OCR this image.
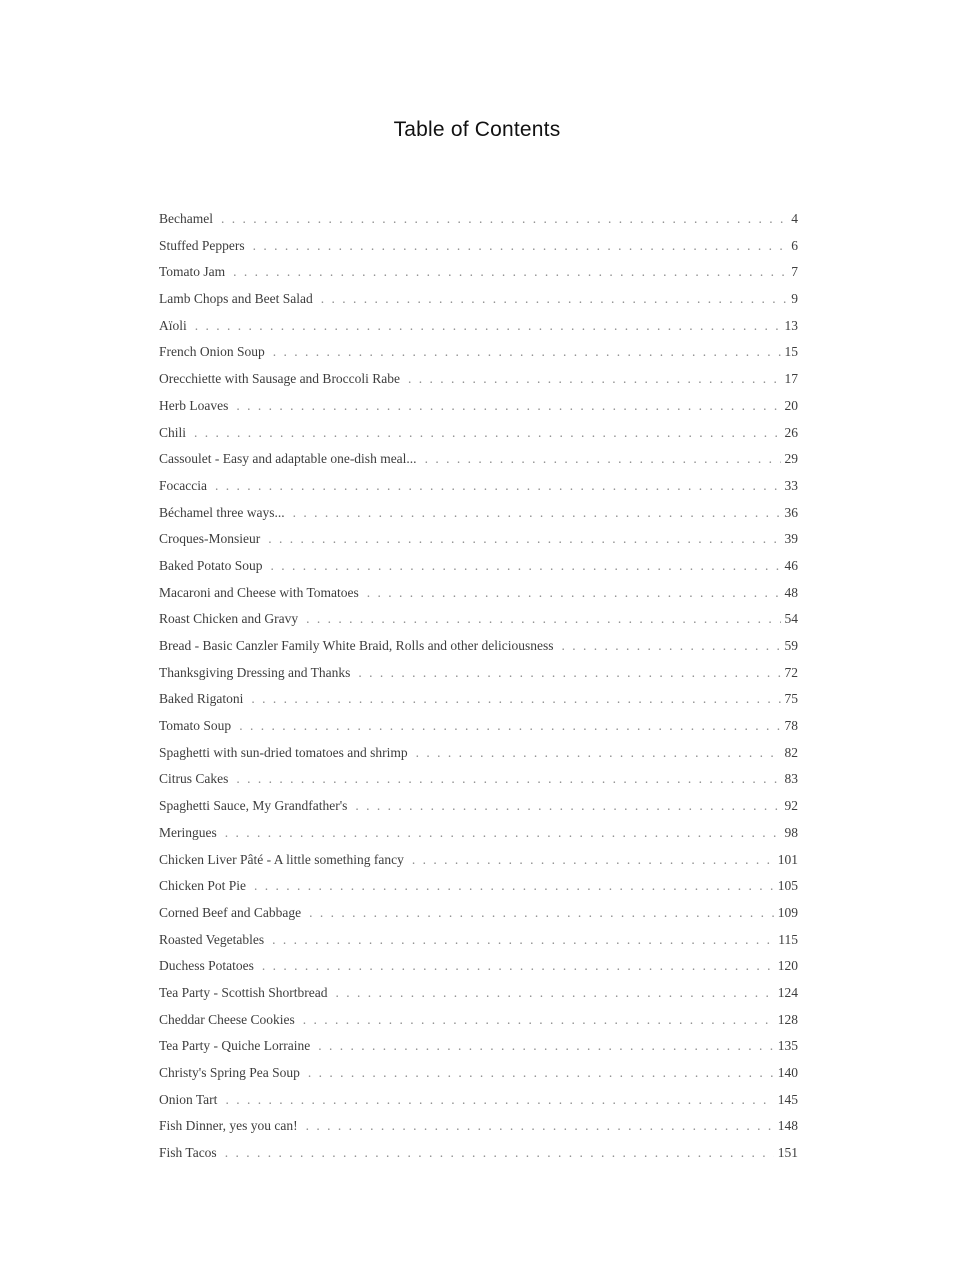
Table of Contents
Bechamel . . .	4
Stuffed Peppers . . .	6
Tomato Jam . . .	7
Lamb Chops and Beet Salad . . .	9
Aïoli . . .	13
French Onion Soup . . .	15
Orecchiette with Sausage and Broccoli Rabe . . .	17
Herb Loaves . . .	20
Chili . . .	26
Cassoulet - Easy and adaptable one-dish meal... . . .	29
Focaccia . . .	33
Béchamel three ways... . . .	36
Croques-Monsieur . . .	39
Baked Potato Soup . . .	46
Macaroni and Cheese with Tomatoes . . .	48
Roast Chicken and Gravy . . .	54
Bread - Basic Canzler Family White Braid, Rolls and other deliciousness . . .	59
Thanksgiving Dressing and Thanks . . .	72
Baked Rigatoni . . .	75
Tomato Soup . . .	78
Spaghetti with sun-dried tomatoes and shrimp . . .	82
Citrus Cakes . . .	83
Spaghetti Sauce, My Grandfather's . . .	92
Meringues . . .	98
Chicken Liver Pâté - A little something fancy . . .	101
Chicken Pot Pie . . .	105
Corned Beef and Cabbage . . .	109
Roasted Vegetables . . .	115
Duchess Potatoes . . .	120
Tea Party - Scottish Shortbread . . .	124
Cheddar Cheese Cookies . . .	128
Tea Party - Quiche Lorraine . . .	135
Christy's Spring Pea Soup . . .	140
Onion Tart . . .	145
Fish Dinner, yes you can! . . .	148
Fish Tacos . . .	151
